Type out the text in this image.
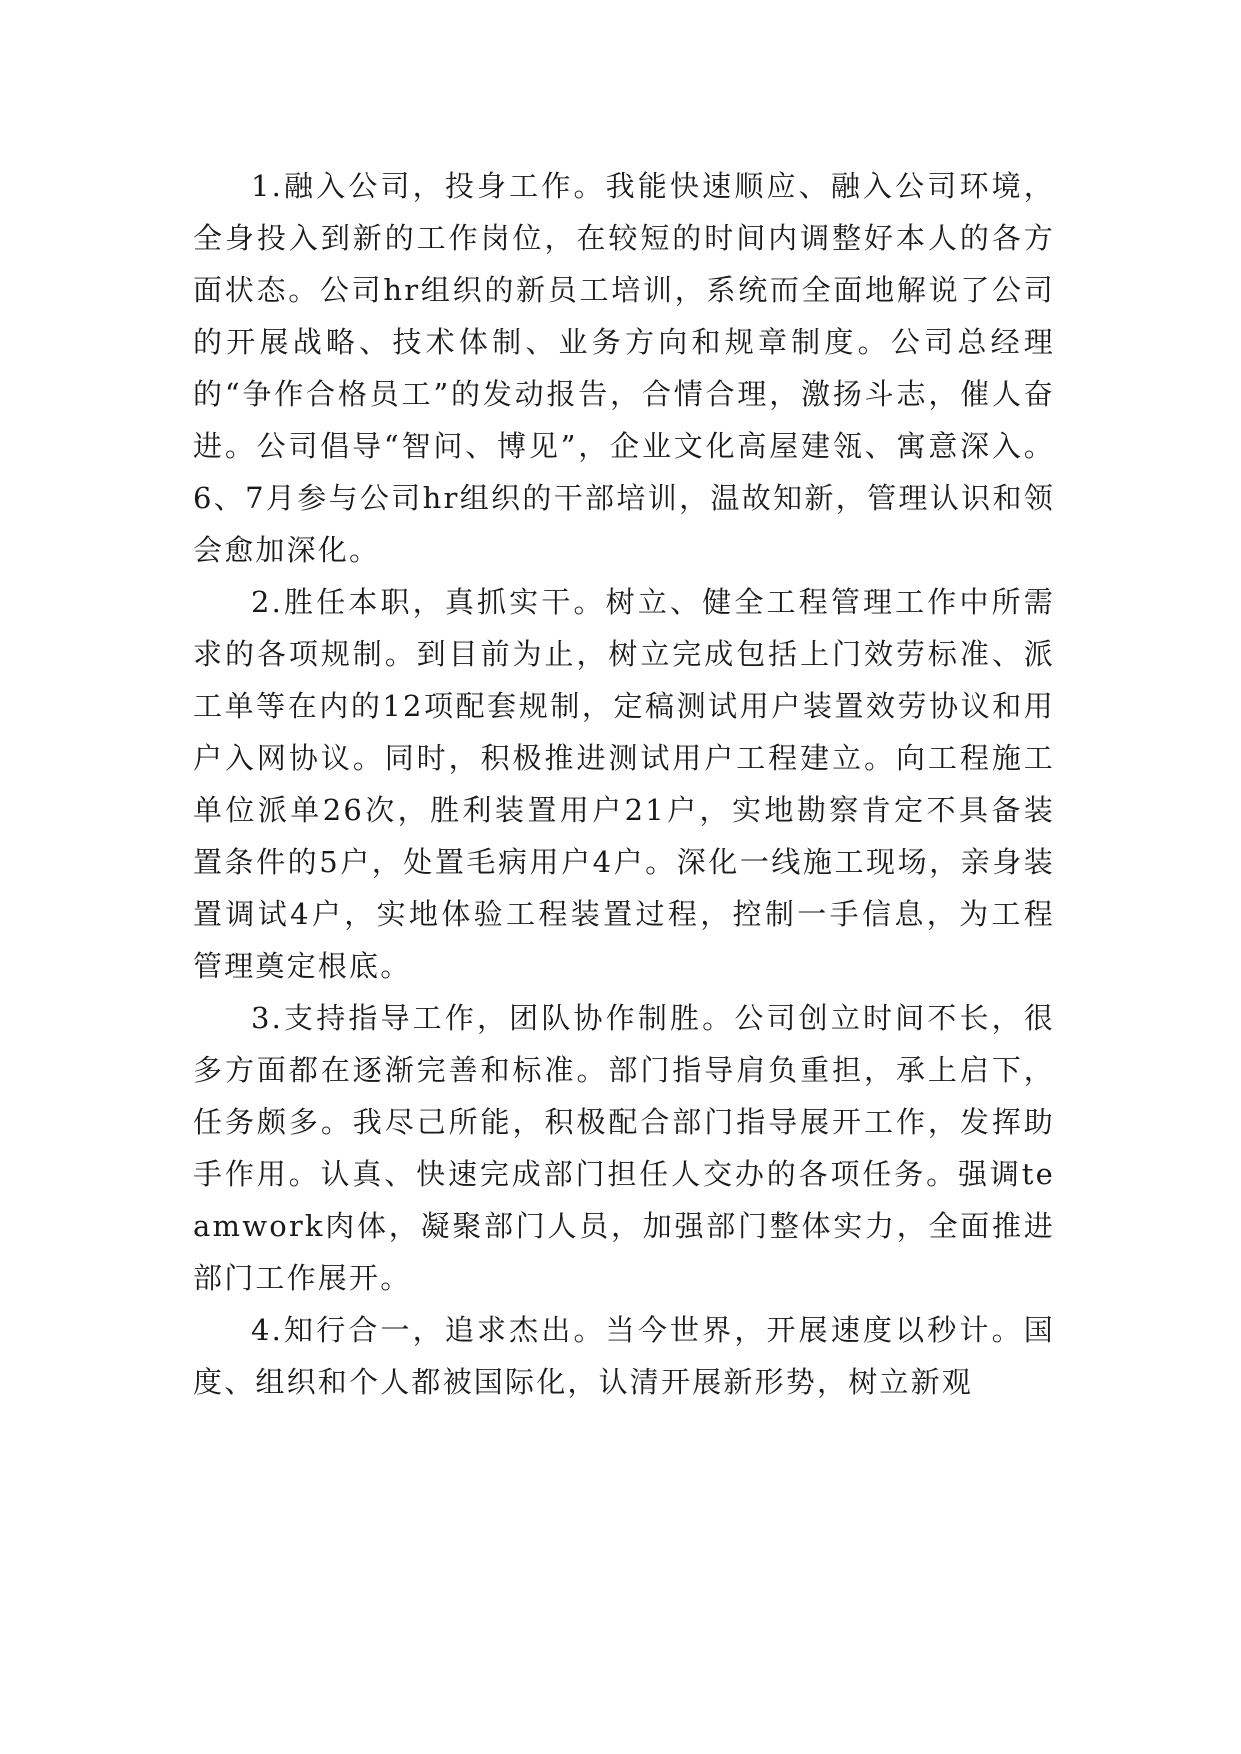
1.融入公司，投身工作。我能快速顺应、融入公司环境，全身投入到新的工作岗位，在较短的时间内调整好本人的各方面状态。公司hr组织的新员工培训，系统而全面地解说了公司的开展战略、技术体制、业务方向和规章制度。公司总经理的“争作合格员工”的发动报告，合情合理，激扬斗志，催人奋进。公司倡导“智问、博见”，企业文化高屋建瓴、寓意深入。6、7月参与公司hr组织的干部培训，温故知新，管理认识和领会愈加深化。

2.胜任本职，真抓实干。树立、健全工程管理工作中所需求的各项规制。到目前为止，树立完成包括上门效劳标准、派工单等在内的12项配套规制，定稿测试用户装置效劳协议和用户入网协议。同时，积极推进测试用户工程建立。向工程施工单位派单26次，胜利装置用户21户，实地勘察肯定不具备装置条件的5户，处置毛病用户4户。深化一线施工现场，亲身装置调试4户，实地体验工程装置过程，控制一手信息，为工程管理奠定根底。

3.支持指导工作，团队协作制胜。公司创立时间不长，很多方面都在逐渐完善和标准。部门指导肩负重担，承上启下，任务颇多。我尽己所能，积极配合部门指导展开工作，发挥助手作用。认真、快速完成部门担任人交办的各项任务。强调teamwork肉体，凝聚部门人员，加强部门整体实力，全面推进部门工作展开。

4.知行合一，追求杰出。当今世界，开展速度以秒计。国度、组织和个人都被国际化，认清开展新形势，树立新观
